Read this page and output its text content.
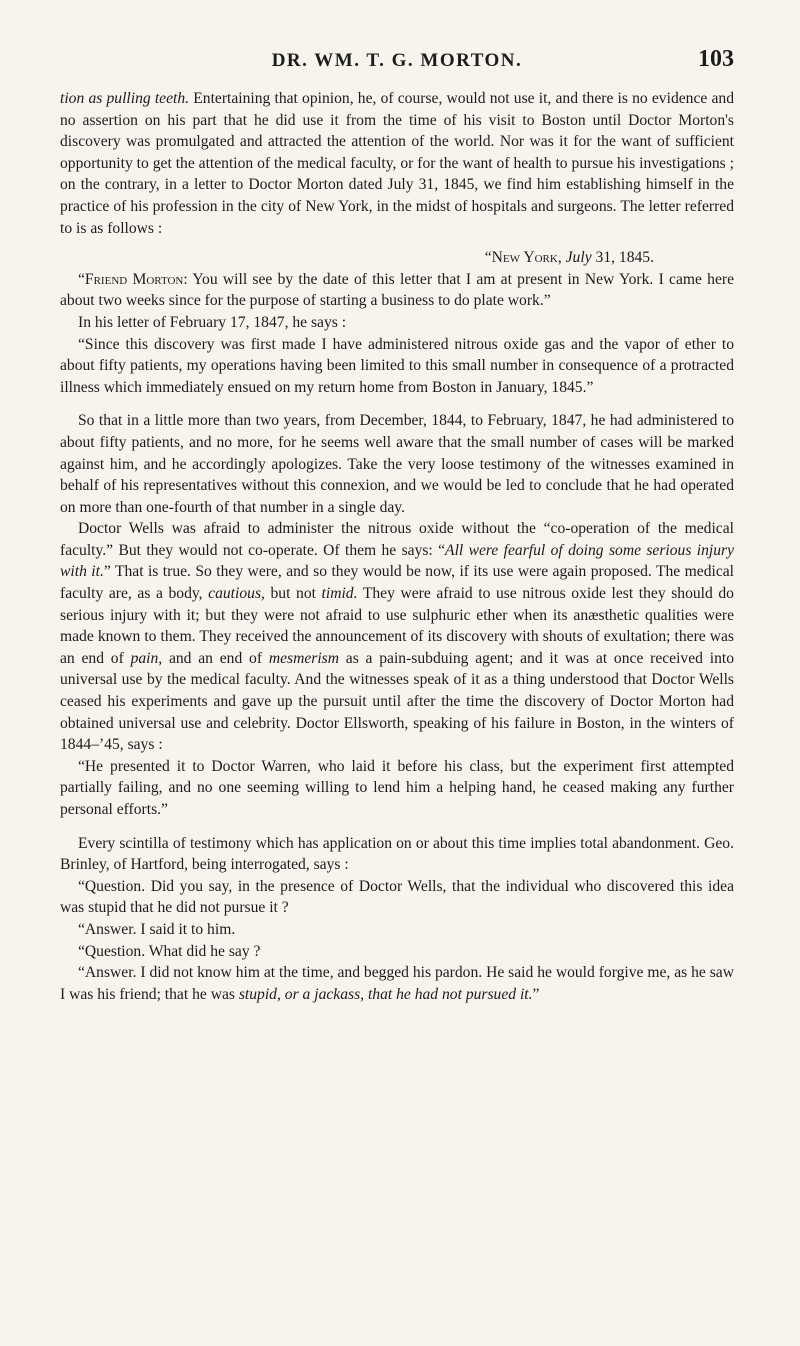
DR. WM. T. G. MORTON.	103

tion as pulling teeth. Entertaining that opinion, he, of course, would not use it, and there is no evidence and no assertion on his part that he did use it from the time of his visit to Boston until Doctor Morton's discovery was promulgated and attracted the attention of the world. Nor was it for the want of sufficient opportunity to get the attention of the medical faculty, or for the want of health to pursue his investigations ; on the contrary, in a letter to Doctor Morton dated July 31, 1845, we find him establishing himself in the practice of his profession in the city of New York, in the midst of hospitals and surgeons. The letter referred to is as follows :

“New York, July 31, 1845.

“Friend Morton: You will see by the date of this letter that I am at present in New York. I came here about two weeks since for the purpose of starting a business to do plate work.”

In his letter of February 17, 1847, he says :

“Since this discovery was first made I have administered nitrous oxide gas and the vapor of ether to about fifty patients, my operations having been limited to this small number in consequence of a protracted illness which immediately ensued on my return home from Boston in January, 1845.”

So that in a little more than two years, from December, 1844, to February, 1847, he had administered to about fifty patients, and no more, for he seems well aware that the small number of cases will be marked against him, and he accordingly apologizes. Take the very loose testimony of the witnesses examined in behalf of his representatives without this connexion, and we would be led to conclude that he had operated on more than one-fourth of that number in a single day.

Doctor Wells was afraid to administer the nitrous oxide without the “co-operation of the medical faculty.” But they would not co-operate. Of them he says: “All were fearful of doing some serious injury with it.” That is true. So they were, and so they would be now, if its use were again proposed. The medical faculty are, as a body, cautious, but not timid. They were afraid to use nitrous oxide lest they should do serious injury with it; but they were not afraid to use sulphuric ether when its anæsthetic qualities were made known to them. They received the announcement of its discovery with shouts of exultation; there was an end of pain, and an end of mesmerism as a pain-subduing agent; and it was at once received into universal use by the medical faculty. And the witnesses speak of it as a thing understood that Doctor Wells ceased his experiments and gave up the pursuit until after the time the discovery of Doctor Morton had obtained universal use and celebrity. Doctor Ellsworth, speaking of his failure in Boston, in the winters of 1844–’45, says :

“He presented it to Doctor Warren, who laid it before his class, but the experiment first attempted partially failing, and no one seeming willing to lend him a helping hand, he ceased making any further personal efforts.”

Every scintilla of testimony which has application on or about this time implies total abandonment. Geo. Brinley, of Hartford, being interrogated, says :

“Question. Did you say, in the presence of Doctor Wells, that the individual who discovered this idea was stupid that he did not pursue it ?

“Answer. I said it to him.

“Question. What did he say ?

“Answer. I did not know him at the time, and begged his pardon. He said he would forgive me, as he saw I was his friend; that he was stupid, or a jackass, that he had not pursued it.”
